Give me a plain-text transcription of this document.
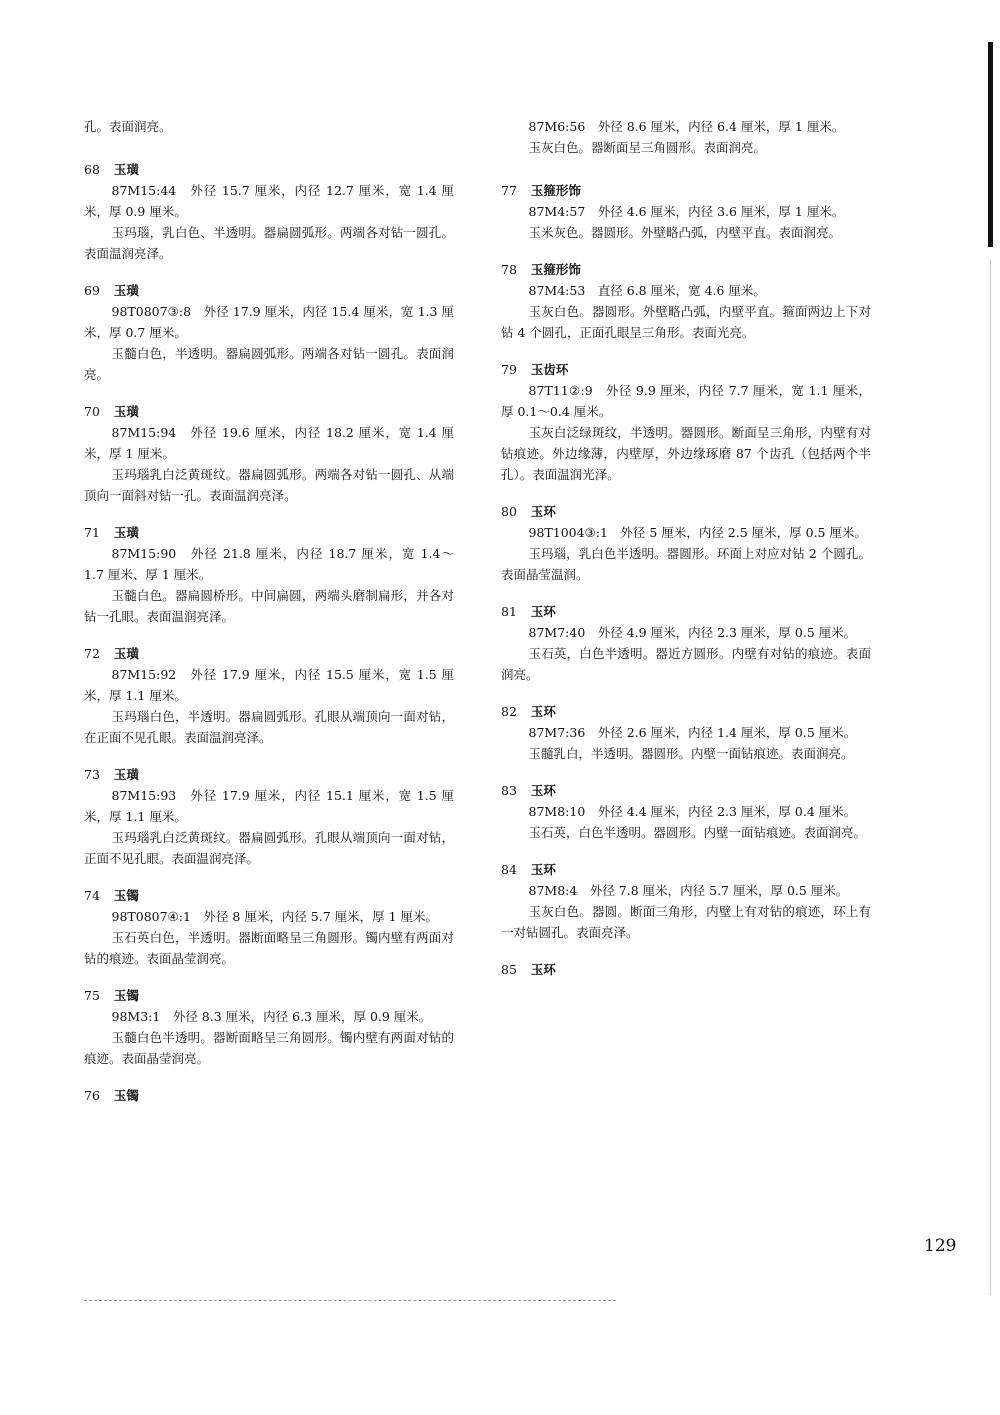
孔。表面润亮。

68 玉璜

87M15:44　外径 15.7 厘米，内径 12.7 厘米，宽 1.4 厘米，厚 0.9 厘米。

玉玛瑙，乳白色、半透明。器扁圆弧形。两端各对钻一圆孔。表面温润亮泽。

69 玉璜

98T0807③:8　外径 17.9 厘米，内径 15.4 厘米，宽 1.3 厘米，厚 0.7 厘米。

玉髓白色，半透明。器扁圆弧形。两端各对钻一圆孔。表面润亮。

70 玉璜

87M15:94　外径 19.6 厘米，内径 18.2 厘米，宽 1.4 厘米，厚 1 厘米。

玉玛瑙乳白泛黄斑纹。器扁圆弧形。两端各对钻一圆孔、从端顶向一面斜对钻一孔。表面温润亮泽。

71 玉璜

87M15:90　外径 21.8 厘米，内径 18.7 厘米，宽 1.4～1.7 厘米、厚 1 厘米。

玉髓白色。器扁圆桥形。中间扁圆，两端头磨制扁形，并各对钻一孔眼。表面温润亮泽。

72 玉璜

87M15:92　外径 17.9 厘米，内径 15.5 厘米，宽 1.5 厘米，厚 1.1 厘米。

玉玛瑙白色，半透明。器扁圆弧形。孔眼从端顶向一面对钻，在正面不见孔眼。表面温润亮泽。

73 玉璜

87M15:93　外径 17.9 厘米，内径 15.1 厘米，宽 1.5 厘米，厚 1.1 厘米。

玉玛瑙乳白泛黄斑纹。器扁圆弧形。孔眼从端顶向一面对钻，正面不见孔眼。表面温润亮泽。

74 玉镯

98T0807④:1　外径 8 厘米，内径 5.7 厘米，厚 1 厘米。

玉石英白色，半透明。器断面略呈三角圆形。镯内壁有两面对钻的痕迹。表面晶莹润亮。

75 玉镯

98M3:1　外径 8.3 厘米，内径 6.3 厘米，厚 0.9 厘米。

玉髓白色半透明。器断面略呈三角圆形。镯内壁有两面对钻的痕迹。表面晶莹润亮。

76 玉镯

87M6:56　外径 8.6 厘米，内径 6.4 厘米，厚 1 厘米。

玉灰白色。器断面呈三角圆形。表面润亮。

77 玉箍形饰

87M4:57　外径 4.6 厘米，内径 3.6 厘米，厚 1 厘米。

玉米灰色。器圆形。外壁略凸弧，内壁平直。表面润亮。

78 玉箍形饰

87M4:53　直径 6.8 厘米，宽 4.6 厘米。

玉灰白色。器圆形。外壁略凸弧，内壁平直。箍面两边上下对钻 4 个圆孔，正面孔眼呈三角形。表面光亮。

79 玉齿环

87T11②:9　外径 9.9 厘米，内径 7.7 厘米，宽 1.1 厘米，厚 0.1～0.4 厘米。

玉灰白泛绿斑纹，半透明。器圆形。断面呈三角形，内壁有对钻痕迹。外边缘薄，内壁厚，外边缘琢磨 87 个齿孔（包括两个半孔）。表面温润光泽。

80 玉环

98T1004③:1　外径 5 厘米，内径 2.5 厘米，厚 0.5 厘米。

玉玛瑙，乳白色半透明。器圆形。环面上对应对钻 2 个圆孔。表面晶莹温润。

81 玉环

87M7:40　外径 4.9 厘米，内径 2.3 厘米，厚 0.5 厘米。

玉石英，白色半透明。器近方圆形。内壁有对钻的痕迹。表面润亮。

82 玉环

87M7:36　外径 2.6 厘米，内径 1.4 厘米，厚 0.5 厘米。

玉髓乳白，半透明。器圆形。内壁一面钻痕迹。表面润亮。

83 玉环

87M8:10　外径 4.4 厘米，内径 2.3 厘米，厚 0.4 厘米。

玉石英，白色半透明。器圆形。内壁一面钻痕迹。表面润亮。

84 玉环

87M8:4　外径 7.8 厘米，内径 5.7 厘米，厚 0.5 厘米。

玉灰白色。器圆。断面三角形，内壁上有对钻的痕迹，环上有一对钻圆孔。表面亮泽。

85 玉环
129
